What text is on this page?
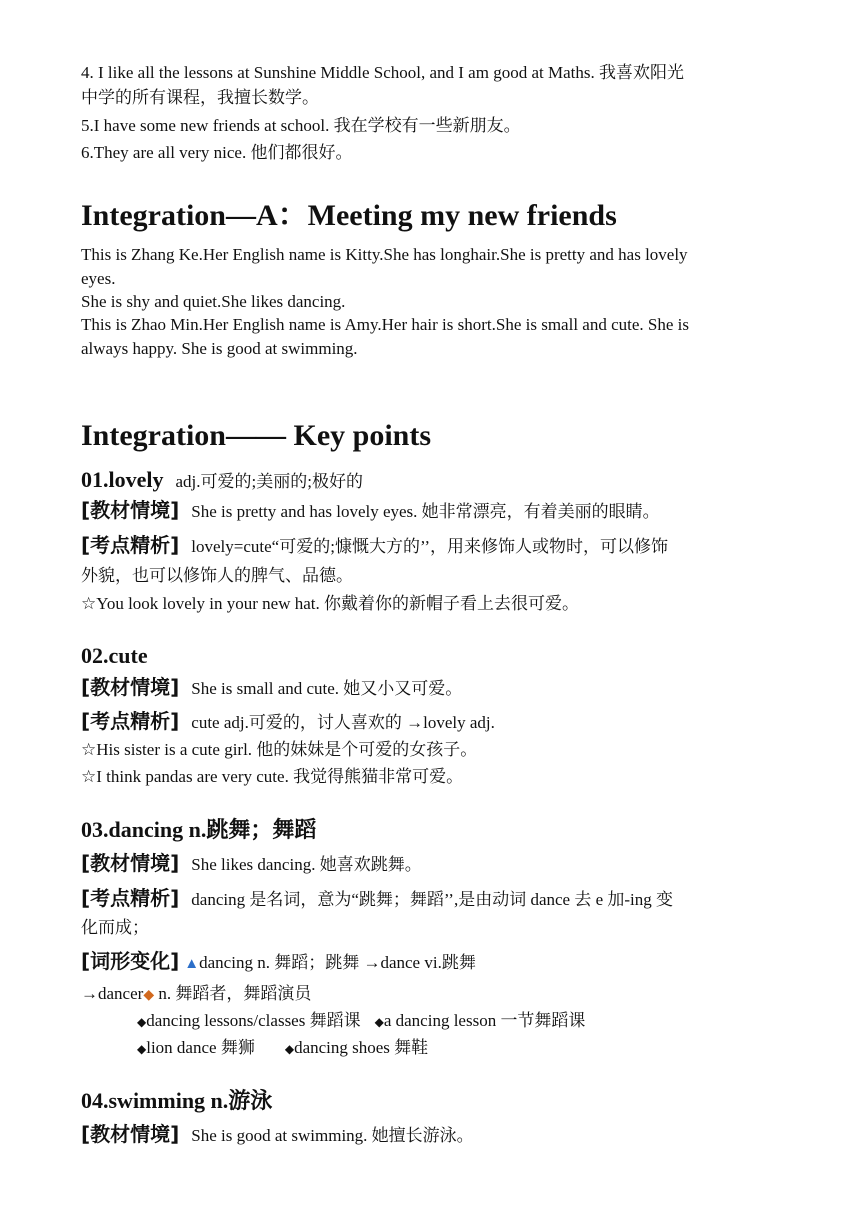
4. I like all the lessons at Sunshine Middle School, and I am good at Maths. 我喜欢阳光
中学的所有课程，我擅长数学。
5.I have some new friends at school. 我在学校有一些新朋友。
6.They are all very nice. 他们都很好。
Integration—A：Meeting my new friends
This is Zhang Ke.Her English name is Kitty.She has longhair.She is pretty and has lovely
eyes.
She is shy and quiet.She likes dancing.
This is Zhao Min.Her English name is Amy.Her hair is short.She is small and cute. She is
always happy. She is good at swimming.
Integration—— Key points
01.lovely adj.可爱的;美丽的;极好的
[教材情境] She is pretty and has lovely eyes. 她非常漂亮，有着美丽的眼睛。
[考点精析] lovely=cute“可爱的;慷慨大方的’’，用来修饰人或物时，可以修饰
外貌，也可以修饰人的脾气、品德。
☆You look lovely in your new hat. 你戴着你的新帽子看上去很可爱。
02.cute
[教材情境] She is small and cute. 她又小又可爱。
[考点精析] cute adj.可爱的，讨人喜欢的 →lovely adj.
☆His sister is a cute girl. 他的妹妹是个可爱的女孩子。
☆I think pandas are very cute. 我觉得熊猫非常可爱。
03.dancing n.跳舞；舞蹈
[教材情境] She likes dancing. 她喜欢跳舞。
[考点精析] dancing 是名词，意为“跳舞；舞蹈’’,是由动词 dance 去 e 加-ing 变
化而成；
[词形变化] ▲dancing n. 舞蹈；跳舞 →dance vi.跳舞
→dancer◆ n. 舞蹈者，舞蹈演员
◆dancing lessons/classes 舞蹈课 ◆a dancing lesson 一节舞蹈课
◆lion dance 舞狮	◆dancing shoes 舞鞋
04.swimming n.游泳
[教材情境] She is good at swimming. 她擅长游泳。
